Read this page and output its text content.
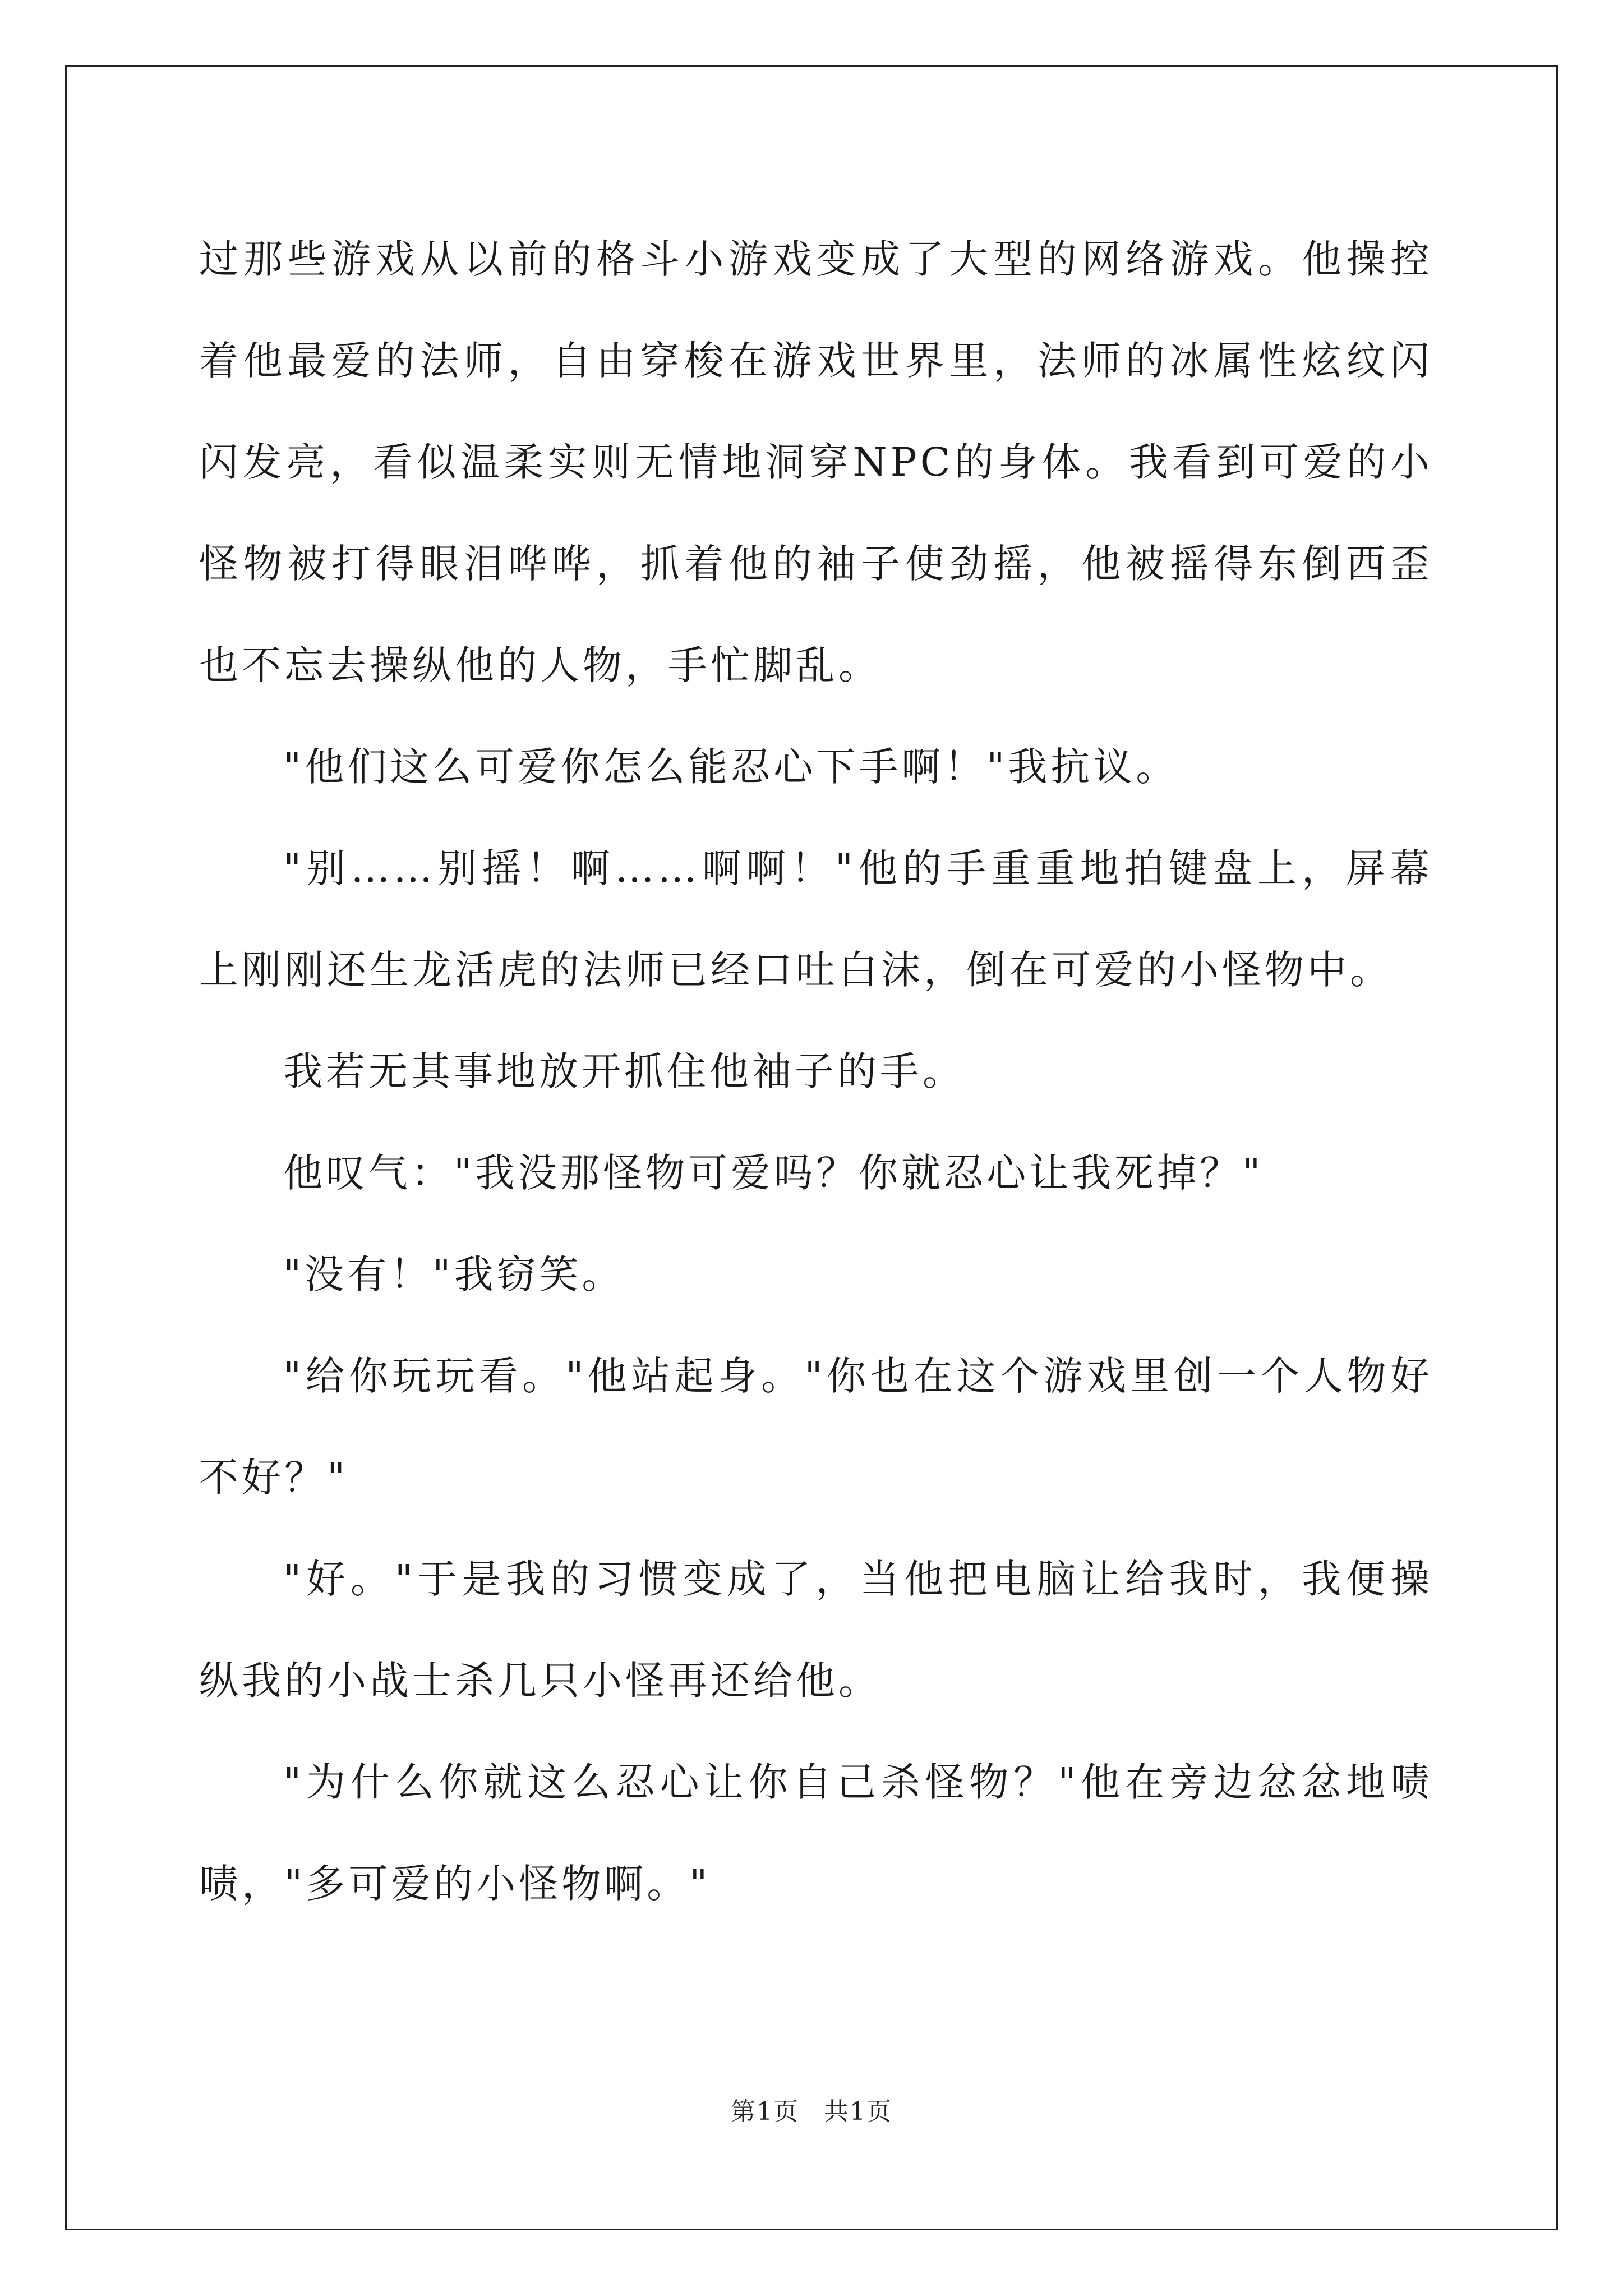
过那些游戏从以前的格斗小游戏变成了大型的网络游戏。他操控着他最爱的法师，自由穿梭在游戏世界里，法师的冰属性炫纹闪闪发亮，看似温柔实则无情地洞穿NPC的身体。我看到可爱的小怪物被打得眼泪哗哗，抓着他的袖子使劲摇，他被摇得东倒西歪也不忘去操纵他的人物，手忙脚乱。

"他们这么可爱你怎么能忍心下手啊！"我抗议。

"别……别摇！啊……啊啊！"他的手重重地拍键盘上，屏幕上刚刚还生龙活虎的法师已经口吐白沫，倒在可爱的小怪物中。

我若无其事地放开抓住他袖子的手。

他叹气："我没那怪物可爱吗？你就忍心让我死掉？"

"没有！"我窃笑。

"给你玩玩看。"他站起身。"你也在这个游戏里创一个人物好不好？"

"好。"于是我的习惯变成了，当他把电脑让给我时，我便操纵我的小战士杀几只小怪再还给他。

"为什么你就这么忍心让你自己杀怪物？"他在旁边忿忿地啧啧，"多可爱的小怪物啊。"

第1页 共1页
